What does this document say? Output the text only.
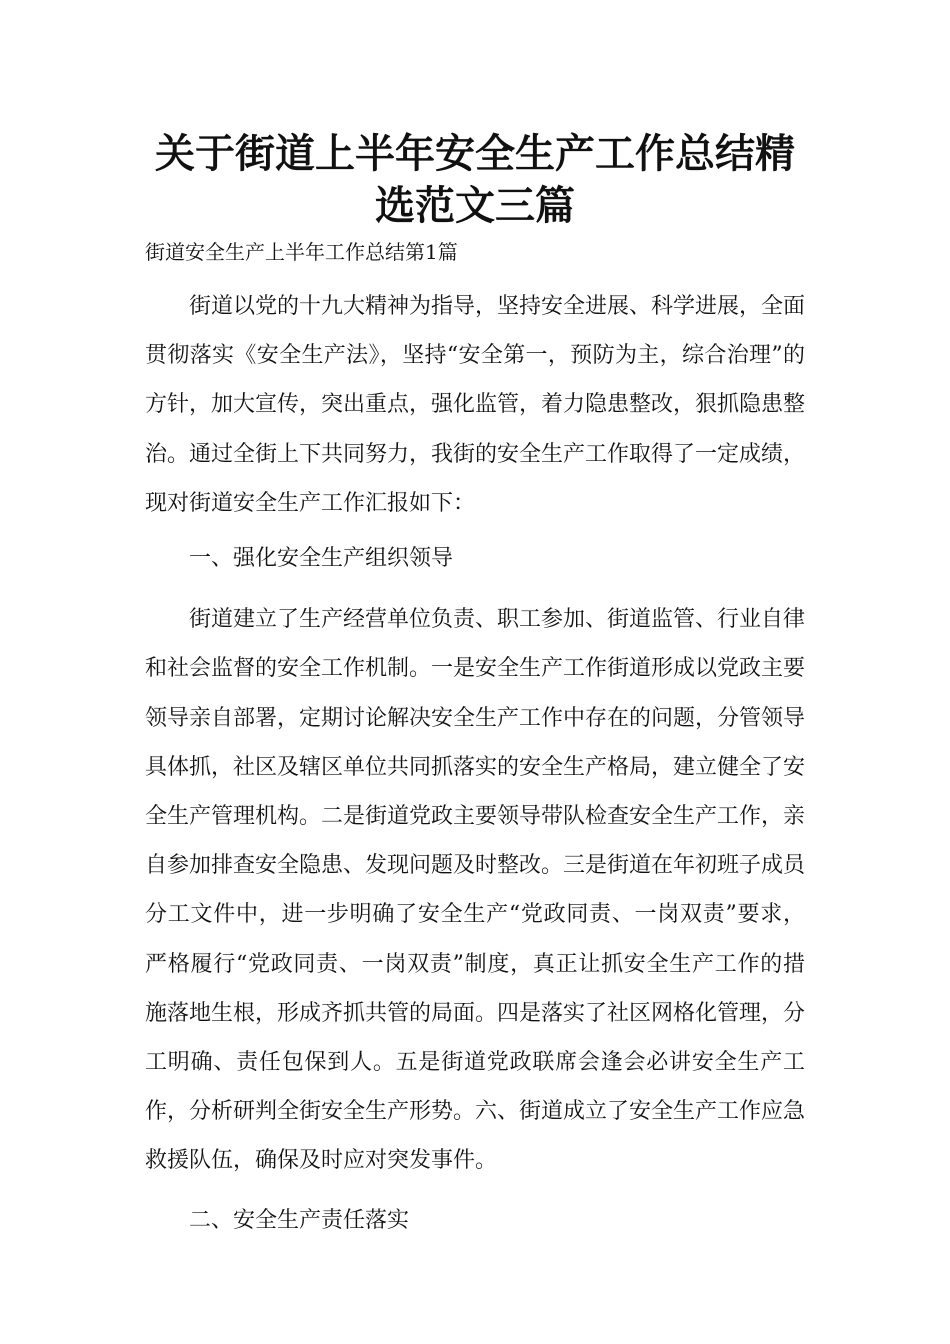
关于街道上半年安全生产工作总结精选范文三篇

街道安全生产上半年工作总结第1篇

街道以党的十九大精神为指导，坚持安全进展、科学进展，全面贯彻落实《安全生产法》，坚持“安全第一，预防为主，综合治理”的方针，加大宣传，突出重点，强化监管，着力隐患整改，狠抓隐患整治。通过全街上下共同努力，我街的安全生产工作取得了一定成绩，现对街道安全生产工作汇报如下：

一、强化安全生产组织领导

街道建立了生产经营单位负责、职工参加、街道监管、行业自律和社会监督的安全工作机制。一是安全生产工作街道形成以党政主要领导亲自部署，定期讨论解决安全生产工作中存在的问题，分管领导具体抓，社区及辖区单位共同抓落实的安全生产格局，建立健全了安全生产管理机构。二是街道党政主要领导带队检查安全生产工作，亲自参加排查安全隐患、发现问题及时整改。三是街道在年初班子成员分工文件中，进一步明确了安全生产“党政同责、一岗双责”要求，严格履行“党政同责、一岗双责”制度，真正让抓安全生产工作的措施落地生根，形成齐抓共管的局面。四是落实了社区网格化管理，分工明确、责任包保到人。五是街道党政联席会逢会必讲安全生产工作，分析研判全街安全生产形势。六、街道成立了安全生产工作应急救援队伍，确保及时应对突发事件。

二、安全生产责任落实
